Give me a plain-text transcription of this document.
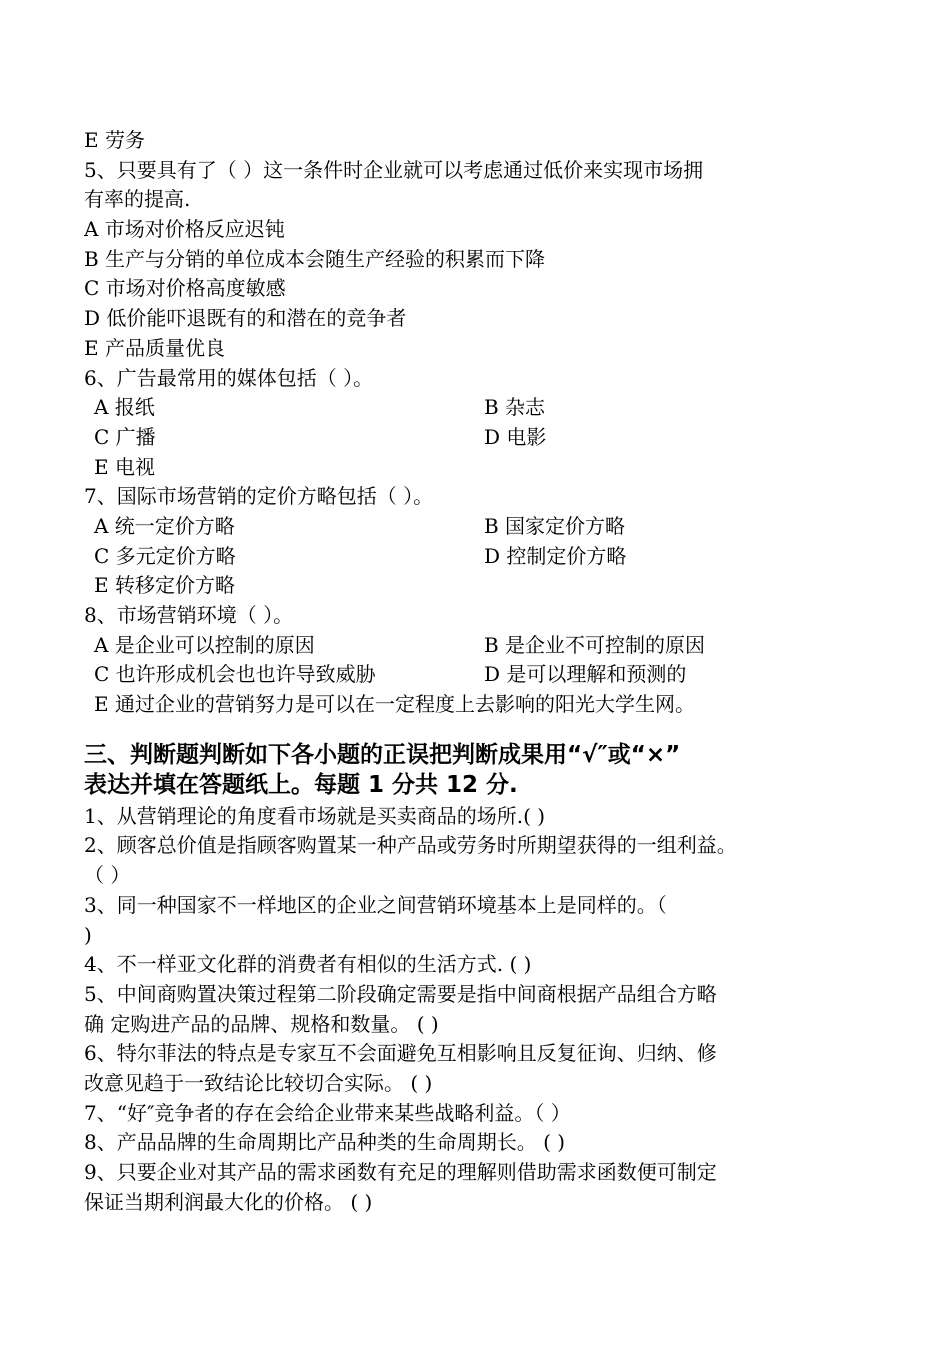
E 劳务
5、只要具有了（ ）这一条件时企业就可以考虑通过低价来实现市场拥
有率的提高.
A 市场对价格反应迟钝
B 生产与分销的单位成本会随生产经验的积累而下降
C 市场对价格高度敏感
D 低价能吓退既有的和潜在的竞争者
E 产品质量优良
6、广告最常用的媒体包括（ ）。
A 报纸	B 杂志
C 广播	D 电影
E 电视
7、国际市场营销的定价方略包括（ ）。
A 统一定价方略	B 国家定价方略
C 多元定价方略	D 控制定价方略
E 转移定价方略
8、市场营销环境（ ）。
A 是企业可以控制的原因	B 是企业不可控制的原因
C 也许形成机会也也许导致威胁	D 是可以理解和预测的
E 通过企业的营销努力是可以在一定程度上去影响的阳光大学生网。
三、判断题判断如下各小题的正误把判断成果用“√″或“×”
表达并填在答题纸上。每题 1 分共 12 分.
1、从营销理论的角度看市场就是买卖商品的场所.( )
2、顾客总价值是指顾客购置某一种产品或劳务时所期望获得的一组利益。
（ ）
3、同一种国家不一样地区的企业之间营销环境基本上是同样的。（
)
4、不一样亚文化群的消费者有相似的生活方式. ( )
5、中间商购置决策过程第二阶段确定需要是指中间商根据产品组合方略
确 定购进产品的品牌、规格和数量。 ( )
6、特尔菲法的特点是专家互不会面避免互相影响且反复征询、归纳、修
改意见趋于一致结论比较切合实际。 ( )
7、“好″竞争者的存在会给企业带来某些战略利益。（ ）
8、产品品牌的生命周期比产品种类的生命周期长。 ( )
9、只要企业对其产品的需求函数有充足的理解则借助需求函数便可制定
保证当期利润最大化的价格。 ( )
